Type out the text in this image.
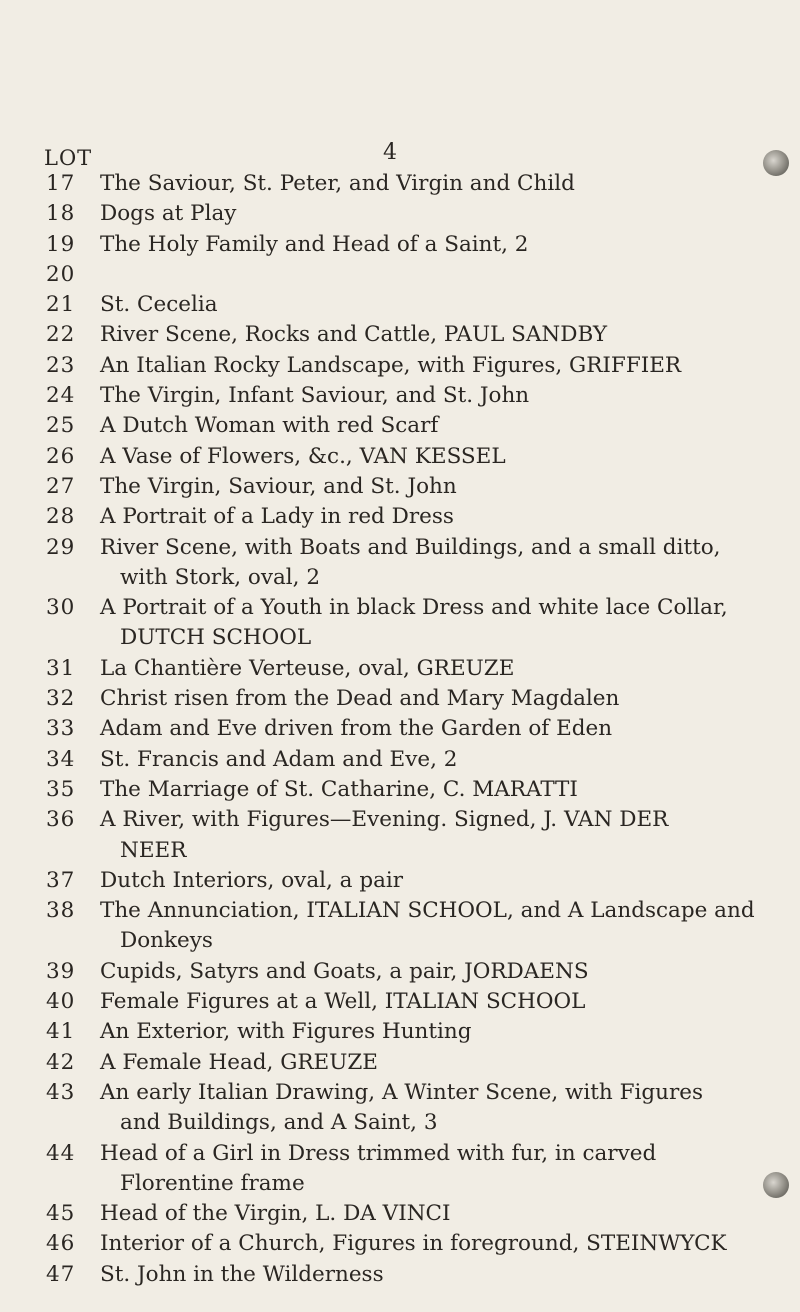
4
LOT
17	The Saviour, St. Peter, and Virgin and Child
18	Dogs at Play
19	The Holy Family and Head of a Saint, 2
20

21	St. Cecelia
22	River Scene, Rocks and Cattle, PAUL SANDBY
23	An Italian Rocky Landscape, with Figures, GRIFFIER
24	The Virgin, Infant Saviour, and St. John
25	A Dutch Woman with red Scarf
26	A Vase of Flowers, &c., VAN KESSEL
27	The Virgin, Saviour, and St. John
28	A Portrait of a Lady in red Dress
29	River Scene, with Boats and Buildings, and a small ditto,
with Stork, oval, 2
30	A Portrait of a Youth in black Dress and white lace Collar,
DUTCH SCHOOL
31	La Chantière Verteuse, oval, GREUZE
32	Christ risen from the Dead and Mary Magdalen
33	Adam and Eve driven from the Garden of Eden
34	St. Francis and Adam and Eve, 2
35	The Marriage of St. Catharine, C. MARATTI
36	A River, with Figures—Evening. Signed, J. VAN DER
NEER
37	Dutch Interiors, oval, a pair
38	The Annunciation, ITALIAN SCHOOL, and A Landscape and
Donkeys
39	Cupids, Satyrs and Goats, a pair, JORDAENS
40	Female Figures at a Well, ITALIAN SCHOOL
41	An Exterior, with Figures Hunting
42	A Female Head, GREUZE
43	An early Italian Drawing, A Winter Scene, with Figures
and Buildings, and A Saint, 3
44	Head of a Girl in Dress trimmed with fur, in carved
Florentine frame
45	Head of the Virgin, L. DA VINCI
46	Interior of a Church, Figures in foreground, STEINWYCK
47	St. John in the Wilderness
